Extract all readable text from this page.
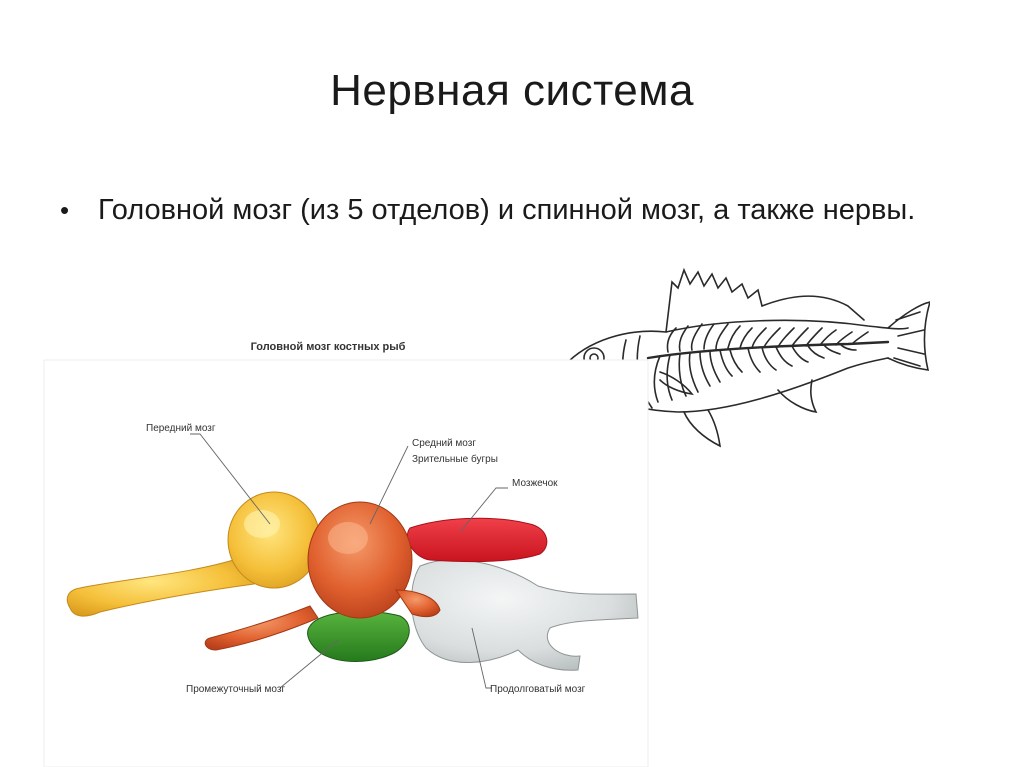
Нервная система
• Головной мозг (из 5 отделов) и спинной мозг, а также нервы.
Головной мозг костных рыб
Передний мозг
Средний мозг
Зрительные бугры
Мозжечок
Промежуточный мозг	Продолговатый мозг
